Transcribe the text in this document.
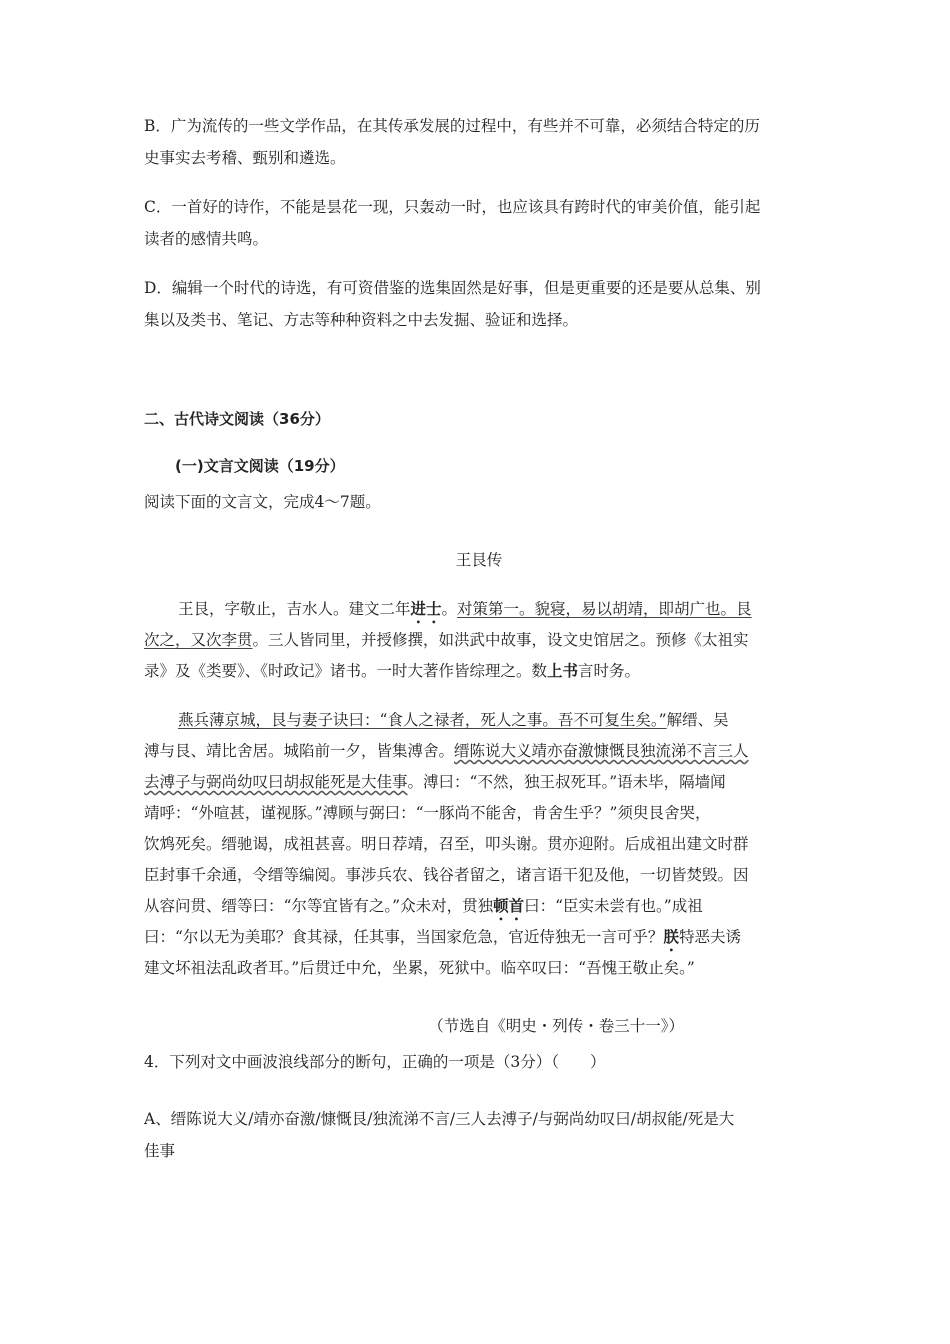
B．广为流传的一些文学作品，在其传承发展的过程中，有些并不可靠，必须结合特定的历
史事实去考稽、甄别和遴选。
C．一首好的诗作，不能是昙花一现，只轰动一时，也应该具有跨时代的审美价值，能引起
读者的感情共鸣。
D．编辑一个时代的诗选，有可资借鉴的选集固然是好事，但是更重要的还是要从总集、别
集以及类书、笔记、方志等种种资料之中去发掘、验证和选择。
二、古代诗文阅读（36分）
(一)文言文阅读（19分）
阅读下面的文言文，完成4～7题。
王艮传
王艮，字敬止，吉水人。建文二年进士。对策第一。貌寝，易以胡靖，即胡广也。艮
次之，又次李贯。三人皆同里，并授修撰，如洪武中故事，设文史馆居之。预修《太祖实
录》及《类要》、《时政记》诸书。一时大著作皆综理之。数上书言时务。
燕兵薄京城，艮与妻子诀曰：“食人之禄者，死人之事。吾不可复生矣。”解缙、吴
溥与艮、靖比舍居。城陷前一夕，皆集溥舍。缙陈说大义靖亦奋激慷慨艮独流涕不言三人
去溥子与弼尚幼叹曰胡叔能死是大佳事。溥曰：“不然，独王叔死耳。”语未毕，隔墙闻
靖呼：“外喧甚，谨视豚。”溥顾与弼曰：“一豚尚不能舍，肯舍生乎？”须臾艮舍哭，
饮鸩死矣。缙驰谒，成祖甚喜。明日荐靖，召至，叩头谢。贯亦迎附。后成祖出建文时群
臣封事千余通，令缙等编阅。事涉兵农、钱谷者留之，诸言语干犯及他，一切皆焚毁。因
从容问贯、缙等曰：“尔等宜皆有之。”众未对，贯独顿首曰：“臣实未尝有也。”成祖
曰：“尔以无为美耶？食其禄，任其事，当国家危急，官近侍独无一言可乎？朕特恶夫诱
建文坏祖法乱政者耳。”后贯迁中允，坐累，死狱中。临卒叹曰：“吾愧王敬止矣。”
（节选自《明史・列传・卷三十一》）
4．下列对文中画波浪线部分的断句，正确的一项是（3分）（　　）
A、缙陈说大义/靖亦奋激/慷慨艮/独流涕不言/三人去溥子/与弼尚幼叹曰/胡叔能/死是大
佳事
